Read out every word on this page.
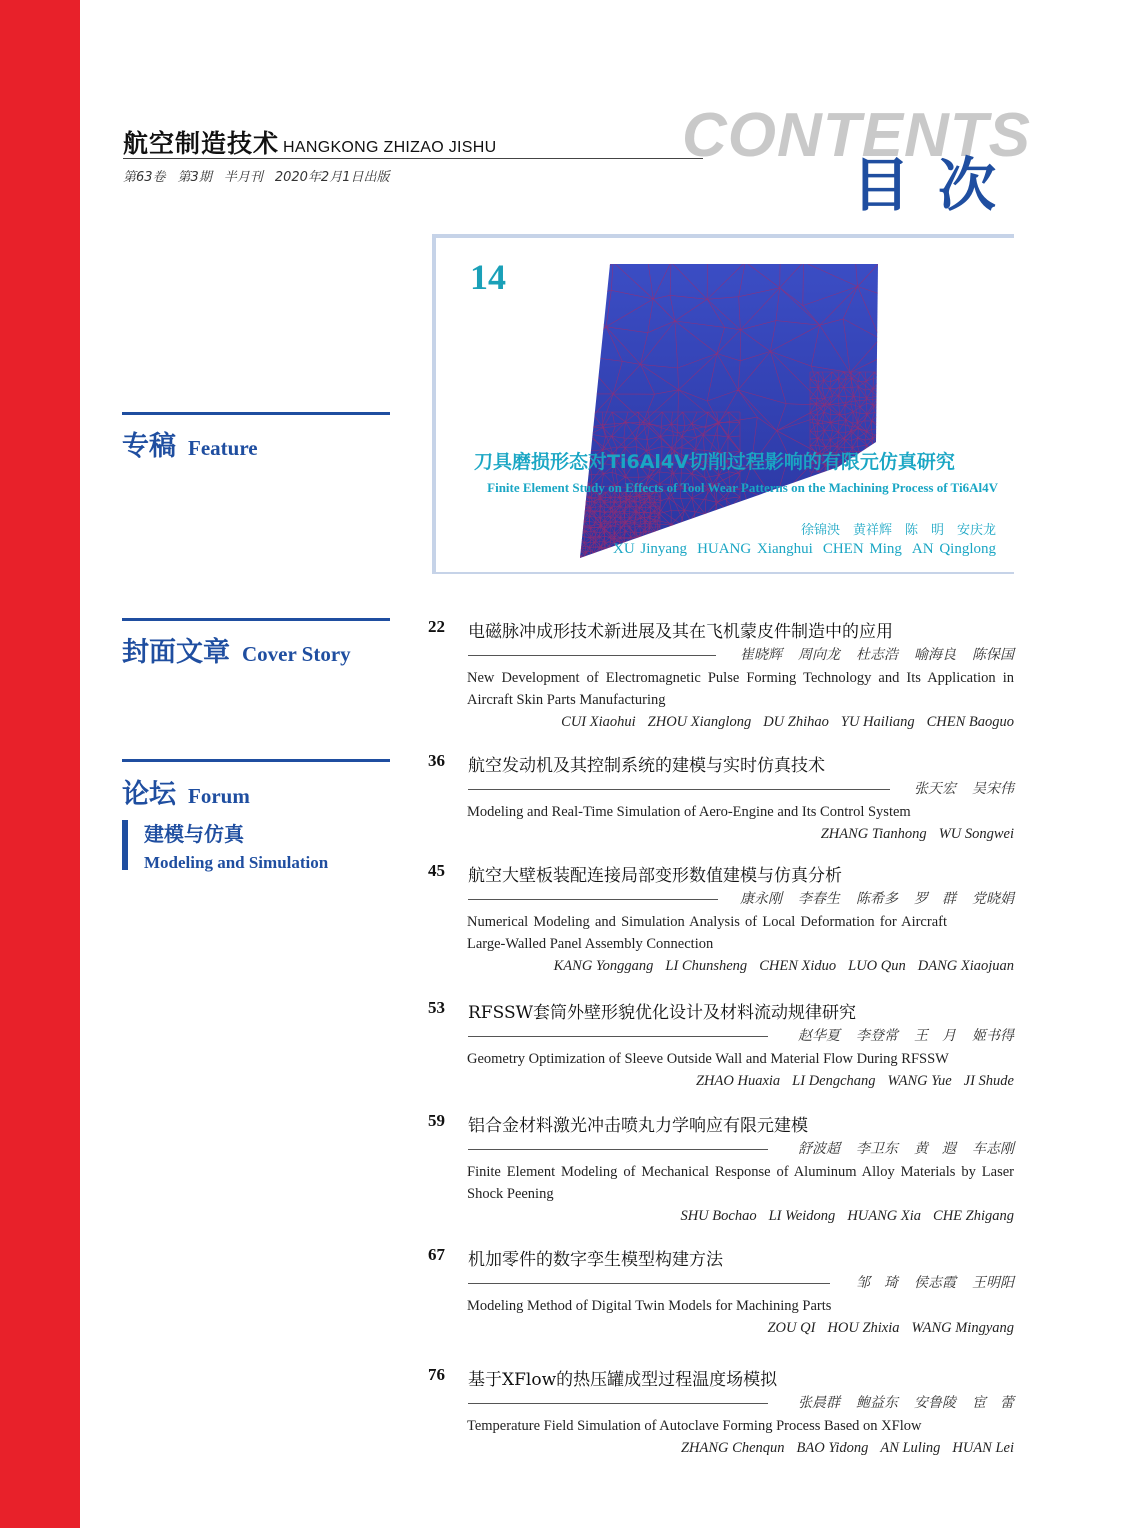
航空制造技术 HANGKONG ZHIZAO JISHU
第63卷 第3期 半月刊 2020年2月1日出版
CONTENTS
目次
专稿 Feature
封面文章 Cover Story
论坛 Forum
建模与仿真
Modeling and Simulation
14
刀具磨损形态对Ti6Al4V切削过程影响的有限元仿真研究
Finite Element Study on Effects of Tool Wear Patterns on the Machining Process of Ti6Al4V
徐锦泱　黄祥辉　陈　明　安庆龙
XU Jinyang HUANG Xianghui CHEN Ming AN Qinglong
22 电磁脉冲成形技术新进展及其在飞机蒙皮件制造中的应用
崔晓辉 周向龙 杜志浩 喻海良 陈保国
New Development of Electromagnetic Pulse Forming Technology and Its Application in Aircraft Skin Parts Manufacturing
CUI Xiaohui ZHOU Xianglong DU Zhihao YU Hailiang CHEN Baoguo
36 航空发动机及其控制系统的建模与实时仿真技术
张天宏 吴宋伟
Modeling and Real-Time Simulation of Aero-Engine and Its Control System
ZHANG Tianhong WU Songwei
45 航空大壁板装配连接局部变形数值建模与仿真分析
康永刚 李春生 陈希多 罗　群 党晓娟
Numerical Modeling and Simulation Analysis of Local Deformation for Aircraft Large-Walled Panel Assembly Connection
KANG Yonggang LI Chunsheng CHEN Xiduo LUO Qun DANG Xiaojuan
53 RFSSW套筒外壁形貌优化设计及材料流动规律研究
赵华夏 李登常 王　月 姬书得
Geometry Optimization of Sleeve Outside Wall and Material Flow During RFSSW
ZHAO Huaxia LI Dengchang WANG Yue JI Shude
59 铝合金材料激光冲击喷丸力学响应有限元建模
舒波超 李卫东 黄　遐 车志刚
Finite Element Modeling of Mechanical Response of Aluminum Alloy Materials by Laser Shock Peening
SHU Bochao LI Weidong HUANG Xia CHE Zhigang
67 机加零件的数字孪生模型构建方法
邹　琦 侯志霞 王明阳
Modeling Method of Digital Twin Models for Machining Parts
ZOU QI HOU Zhixia WANG Mingyang
76 基于XFlow的热压罐成型过程温度场模拟
张晨群 鲍益东 安鲁陵 宦　蕾
Temperature Field Simulation of Autoclave Forming Process Based on XFlow
ZHANG Chenqun BAO Yidong AN Luling HUAN Lei
